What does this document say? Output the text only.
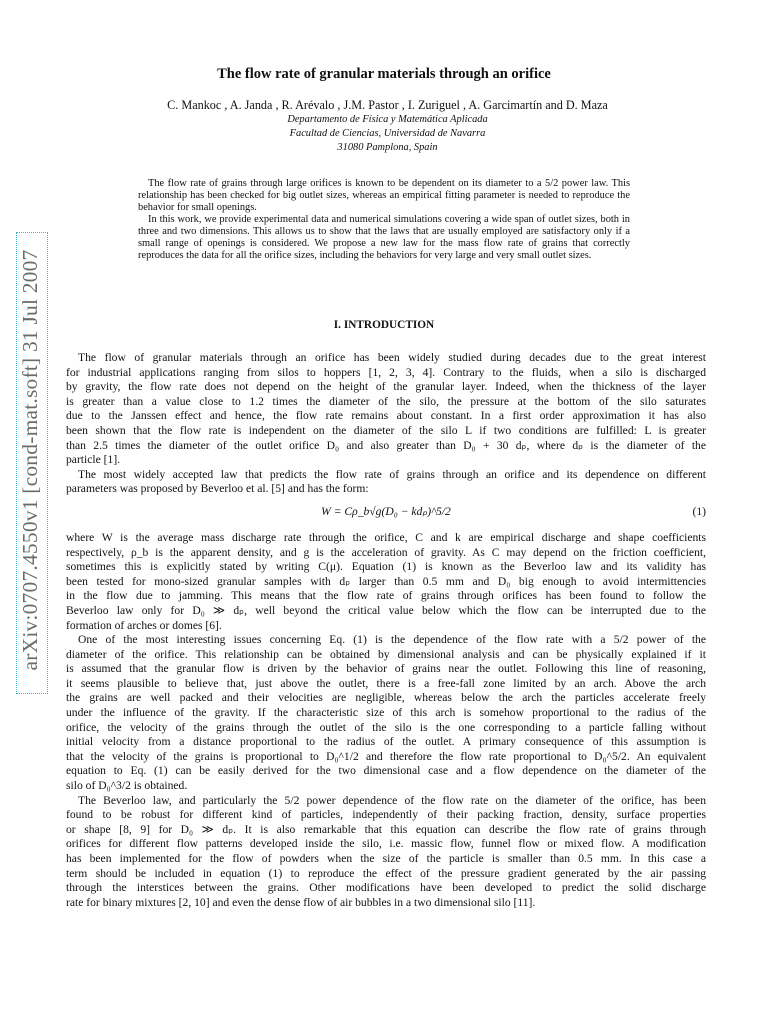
arXiv:0707.4550v1 [cond-mat.soft] 31 Jul 2007
The flow rate of granular materials through an orifice
C. Mankoc , A. Janda , R. Arévalo , J.M. Pastor , I. Zuriguel , A. Garcimartín and D. Maza
Departamento de Física y Matemática Aplicada
Facultad de Ciencias, Universidad de Navarra
31080 Pamplona, Spain

The flow rate of grains through large orifices is known to be dependent on its diameter to a 5/2 power law. This relationship has been checked for big outlet sizes, whereas an empirical fitting parameter is needed to reproduce the behavior for small openings.

In this work, we provide experimental data and numerical simulations covering a wide span of outlet sizes, both in three and two dimensions. This allows us to show that the laws that are usually employed are satisfactory only if a small range of openings is considered. We propose a new law for the mass flow rate of grains that correctly reproduces the data for all the orifice sizes, including the behaviors for very large and very small outlet sizes.

I. INTRODUCTION
The flow of granular materials through an orifice has been widely studied during decades due to the great interest
for industrial applications ranging from silos to hoppers [1, 2, 3, 4]. Contrary to the fluids, when a silo is discharged
by gravity, the flow rate does not depend on the height of the granular layer. Indeed, when the thickness of the layer
is greater than a value close to 1.2 times the diameter of the silo, the pressure at the bottom of the silo saturates
due to the Janssen effect and hence, the flow rate remains about constant. In a first order approximation it has also
been shown that the flow rate is independent on the diameter of the silo L if two conditions are fulfilled: L is greater
than 2.5 times the diameter of the outlet orifice D₀ and also greater than D₀ + 30 dₚ, where dₚ is the diameter of the
particle [1].
The most widely accepted law that predicts the flow rate of grains through an orifice and its dependence on different
parameters was proposed by Beverloo et al. [5] and has the form:
W = Cρ_b√g(D₀ − kdₚ)^5/2	(1)
where W is the average mass discharge rate through the orifice, C and k are empirical discharge and shape coefficients
respectively, ρ_b is the apparent density, and g is the acceleration of gravity. As C may depend on the friction coefficient,
sometimes this is explicitly stated by writing C(μ). Equation (1) is known as the Beverloo law and its validity has
been tested for mono-sized granular samples with dₚ larger than 0.5 mm and D₀ big enough to avoid intermittencies
in the flow due to jamming. This means that the flow rate of grains through orifices has been found to follow the
Beverloo law only for D₀ ≫ dₚ, well beyond the critical value below which the flow can be interrupted due to the
formation of arches or domes [6].
One of the most interesting issues concerning Eq. (1) is the dependence of the flow rate with a 5/2 power of the
diameter of the orifice. This relationship can be obtained by dimensional analysis and can be physically explained if it
is assumed that the granular flow is driven by the behavior of grains near the outlet. Following this line of reasoning,
it seems plausible to believe that, just above the outlet, there is a free-fall zone limited by an arch. Above the arch
the grains are well packed and their velocities are negligible, whereas below the arch the particles accelerate freely
under the influence of the gravity. If the characteristic size of this arch is somehow proportional to the radius of the
orifice, the velocity of the grains through the outlet of the silo is the one corresponding to a particle falling without
initial velocity from a distance proportional to the radius of the outlet. A primary consequence of this assumption is
that the velocity of the grains is proportional to D₀^1/2 and therefore the flow rate proportional to D₀^5/2. An equivalent
equation to Eq. (1) can be easily derived for the two dimensional case and a flow dependence on the diameter of the
silo of D₀^3/2 is obtained.
The Beverloo law, and particularly the 5/2 power dependence of the flow rate on the diameter of the orifice, has been
found to be robust for different kind of particles, independently of their packing fraction, density, surface properties
or shape [8, 9] for D₀ ≫ dₚ. It is also remarkable that this equation can describe the flow rate of grains through
orifices for different flow patterns developed inside the silo, i.e. massic flow, funnel flow or mixed flow. A modification
has been implemented for the flow of powders when the size of the particle is smaller than 0.5 mm. In this case a
term should be included in equation (1) to reproduce the effect of the pressure gradient generated by the air passing
through the interstices between the grains. Other modifications have been developed to predict the solid discharge
rate for binary mixtures [2, 10] and even the dense flow of air bubbles in a two dimensional silo [11].
